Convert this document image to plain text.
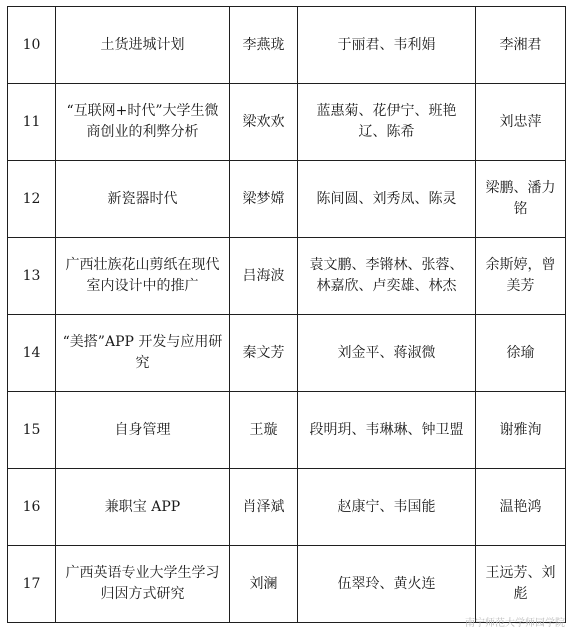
10	土货进城计划	李燕珑	于丽君、韦利娟	李湘君
11	“互联网+时代”大学生微商创业的利弊分析	梁欢欢	蓝惠菊、花伊宁、班艳辽、陈希	刘忠萍
12	新瓷器时代	梁梦嫦	陈间圆、刘秀凤、陈灵	梁鹏、潘力铭
13	广西壮族花山剪纸在现代室内设计中的推广	吕海波	袁文鹏、李锵林、张蓉、林嘉欣、卢奕雄、林杰	余斯婷，曾美芳
14	“美搭”APP 开发与应用研究	秦文芳	刘金平、蒋淑微	徐瑜
15	自身管理	王璇	段明玥、韦琳琳、钟卫盟	谢雅洵
16	兼职宝 APP	肖泽斌	赵康宁、韦国能	温艳鸿
17	广西英语专业大学生学习归因方式研究	刘澜	伍翠玲、黄火连	王远芳、刘彪
南宁师范大学师园学院
